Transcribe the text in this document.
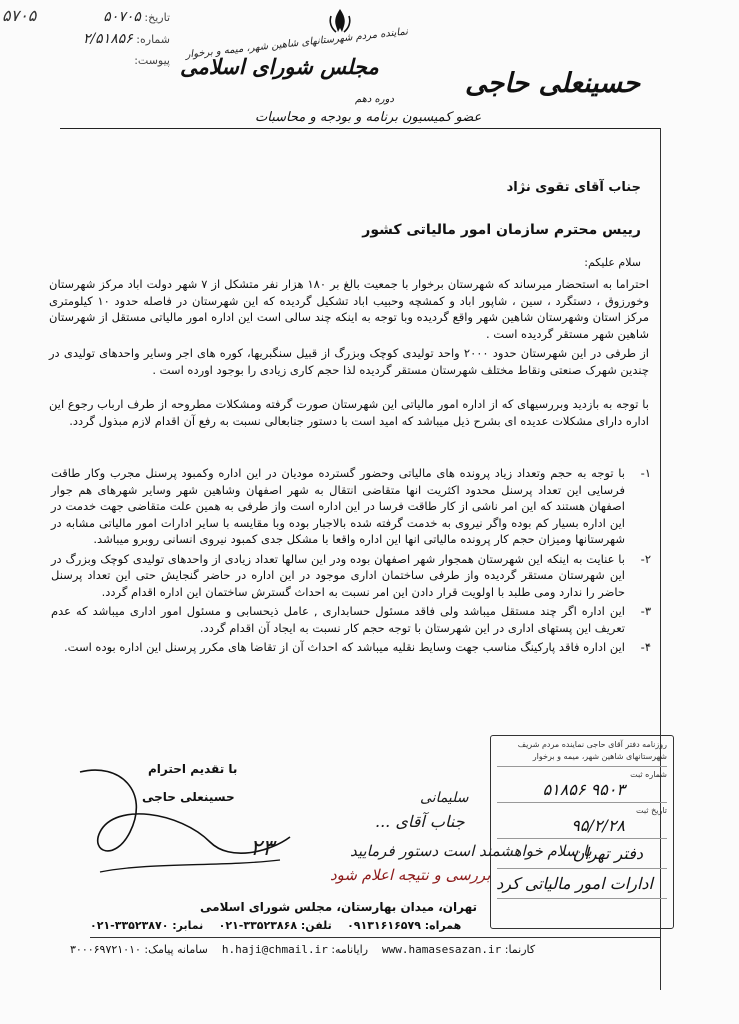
۵۷۰۵	تاریخ: ۵۰۷۰۵
شماره: ۲/۵۱۸۵۶
پیوست: نماینده مردم شهرستانهای شاهین شهر، میمه و برخوار
مجلس شورای اسلامی
حسینعلی حاجی
دوره دهم
عضو کمیسیون برنامه و بودجه و محاسبات
جناب آقای تقوی نژاد
رییس محترم سازمان امور مالیاتی کشور
سلام علیکم:
احتراما به استحضار میرساند که شهرستان برخوار با جمعیت بالغ بر ۱۸۰ هزار نفر متشکل از ۷ شهر دولت اباد مرکز شهرستان وخورزوق ، دستگرد ، سین ، شاپور اباد و کمشچه وحبیب اباد تشکیل گردیده که این شهرستان در فاصله حدود ۱۰ کیلومتری مرکز استان وشهرستان شاهین شهر واقع گردیده وبا توجه به اینکه چند سالی است این اداره امور مالیاتی مستقل از شهرستان شاهین شهر مستقر گردیده است .
از طرفی در این شهرستان حدود ۲۰۰۰ واحد تولیدی کوچک وبزرگ از قبیل سنگبریها، کوره های اجر وسایر واحدهای تولیدی در چندین شهرک صنعتی ونقاط مختلف شهرستان مستقر گردیده لذا حجم کاری زیادی را بوجود اورده است .
با توجه به بازدید وبررسیهای که از اداره امور مالیاتی این شهرستان صورت گرفته ومشکلات مطروحه از طرف ارباب رجوع این اداره دارای مشکلات عدیده ای بشرح ذیل میباشد که امید است با دستور جنابعالی نسبت به رفع آن اقدام لازم مبذول گردد.
۱-
با توجه به حجم وتعداد زیاد پرونده های مالیاتی وحضور گسترده مودیان در این اداره وکمبود پرسنل مجرب وکار طاقت فرسایی این تعداد پرسنل محدود اکثریت انها متقاضی انتقال به شهر اصفهان وشاهین شهر وسایر شهرهای هم جوار اصفهان هستند که این امر ناشی از کار طاقت فرسا در این اداره است واز طرفی به همین علت متقاضی جهت خدمت در این اداره بسیار کم بوده واگر نیروی به خدمت گرفته شده بالاجبار بوده وبا مقایسه با سایر ادارات امور مالیاتی مشابه در شهرستانها ومیزان حجم کار پرونده مالیاتی انها این اداره واقعا با مشکل جدی کمبود نیروی انسانی روبرو میباشد.
۲-
با عنایت به اینکه این شهرستان همجوار شهر اصفهان بوده ودر این سالها تعداد زیادی از واحدهای تولیدی کوچک وبزرگ در این شهرستان مستقر گردیده واز طرفی ساختمان اداری موجود در این اداره در حاضر گنجایش حتی این تعداد پرسنل حاضر را ندارد ومی طلبد با اولویت قرار دادن این امر نسبت به احداث گسترش ساختمان این اداره اقدام گردد.
۳-
این اداره اگر چند مستقل میباشد ولی فاقد مسئول حسابداری , عامل ذیحسابی و مسئول امور اداری میباشد که عدم تعریف این پستهای اداری در این شهرستان با توجه حجم کار نسبت به ایجاد آن اقدام گردد.
۴-
این اداره فاقد پارکینگ مناسب جهت وسایط نقلیه میباشد که احداث آن از تقاضا های مکرر پرسنل این اداره بوده است.
با تقدیم احترام
حسینعلی حاجی	سلیمانی
جناب آقای ...
با سلام خواهشمند است دستور فرمایید
بررسی و نتیجه اعلام شود
۲۳
روزنامه دفتر آقای حاجی نماینده مردم شریف
شهرستانهای شاهین شهر، میمه و برخوار
شماره ثبت
۹۵۰۳ ۵۱۸۵۶
تاریخ ثبت
۹۵/۲/۲۸
دفتر تهران
ادارات امور مالیاتی کرد
تهران، میدان بهارستان، مجلس شورای اسلامی
همراه: ۰۹۱۳۱۶۱۶۵۷۹    تلفن: ۳۳۵۲۳۸۶۸-۰۲۱    نمابر: ۳۳۵۲۳۸۷۰-۰۲۱
کارنما: www.hamasesazan.ir    رایانامه: h.haji@chmail.ir    سامانه پیامک: ۳۰۰۰۶۹۷۲۱۰۱۰
